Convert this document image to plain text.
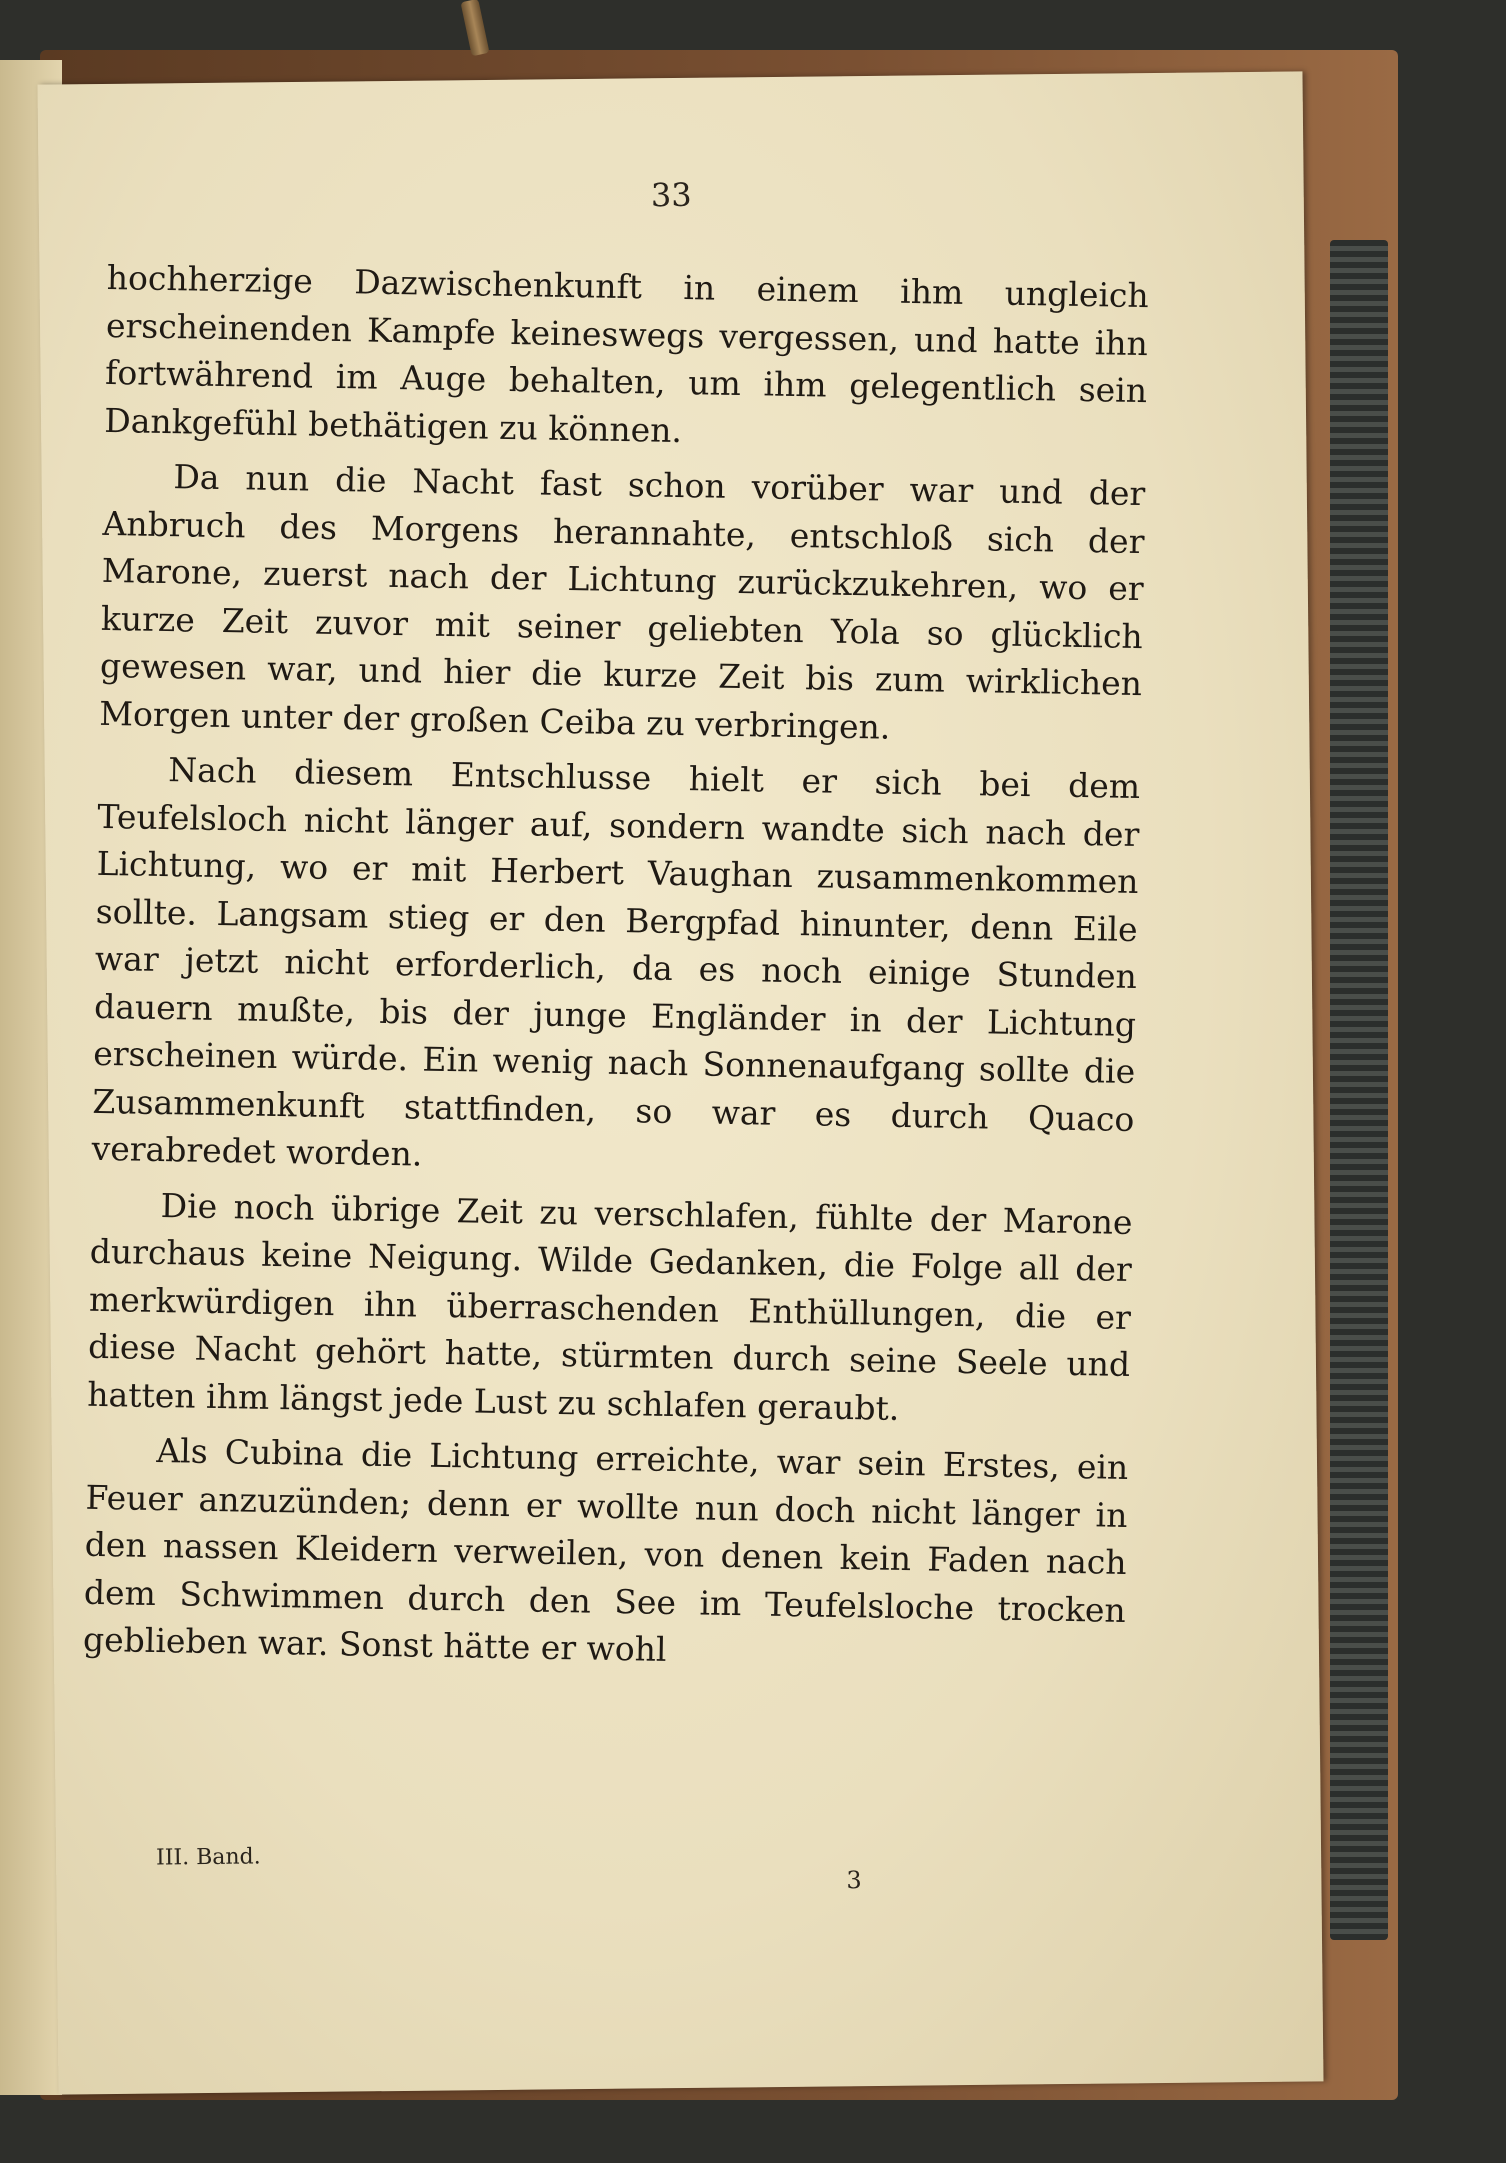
33

hochherzige Dazwischenkunft in einem ihm ungleich erscheinenden Kampfe keineswegs vergessen, und hatte ihn fortwährend im Auge behalten, um ihm gelegentlich sein Dankgefühl bethätigen zu können.

Da nun die Nacht fast schon vorüber war und der Anbruch des Morgens herannahte, entschloß sich der Marone, zuerst nach der Lichtung zurückzukehren, wo er kurze Zeit zuvor mit seiner geliebten Yola so glücklich gewesen war, und hier die kurze Zeit bis zum wirklichen Morgen unter der großen Ceiba zu verbringen.

Nach diesem Entschlusse hielt er sich bei dem Teufelsloch nicht länger auf, sondern wandte sich nach der Lichtung, wo er mit Herbert Vaughan zusammenkommen sollte. Langsam stieg er den Bergpfad hinunter, denn Eile war jetzt nicht erforderlich, da es noch einige Stunden dauern mußte, bis der junge Engländer in der Lichtung erscheinen würde. Ein wenig nach Sonnenaufgang sollte die Zusammenkunft stattfinden, so war es durch Quaco verabredet worden.

Die noch übrige Zeit zu verschlafen, fühlte der Marone durchaus keine Neigung. Wilde Gedanken, die Folge all der merkwürdigen ihn überraschenden Enthüllungen, die er diese Nacht gehört hatte, stürmten durch seine Seele und hatten ihm längst jede Lust zu schlafen geraubt.

Als Cubina die Lichtung erreichte, war sein Erstes, ein Feuer anzuzünden; denn er wollte nun doch nicht länger in den nassen Kleidern verweilen, von denen kein Faden nach dem Schwimmen durch den See im Teufelsloche trocken geblieben war. Sonst hätte er wohl

III. Band.
3
